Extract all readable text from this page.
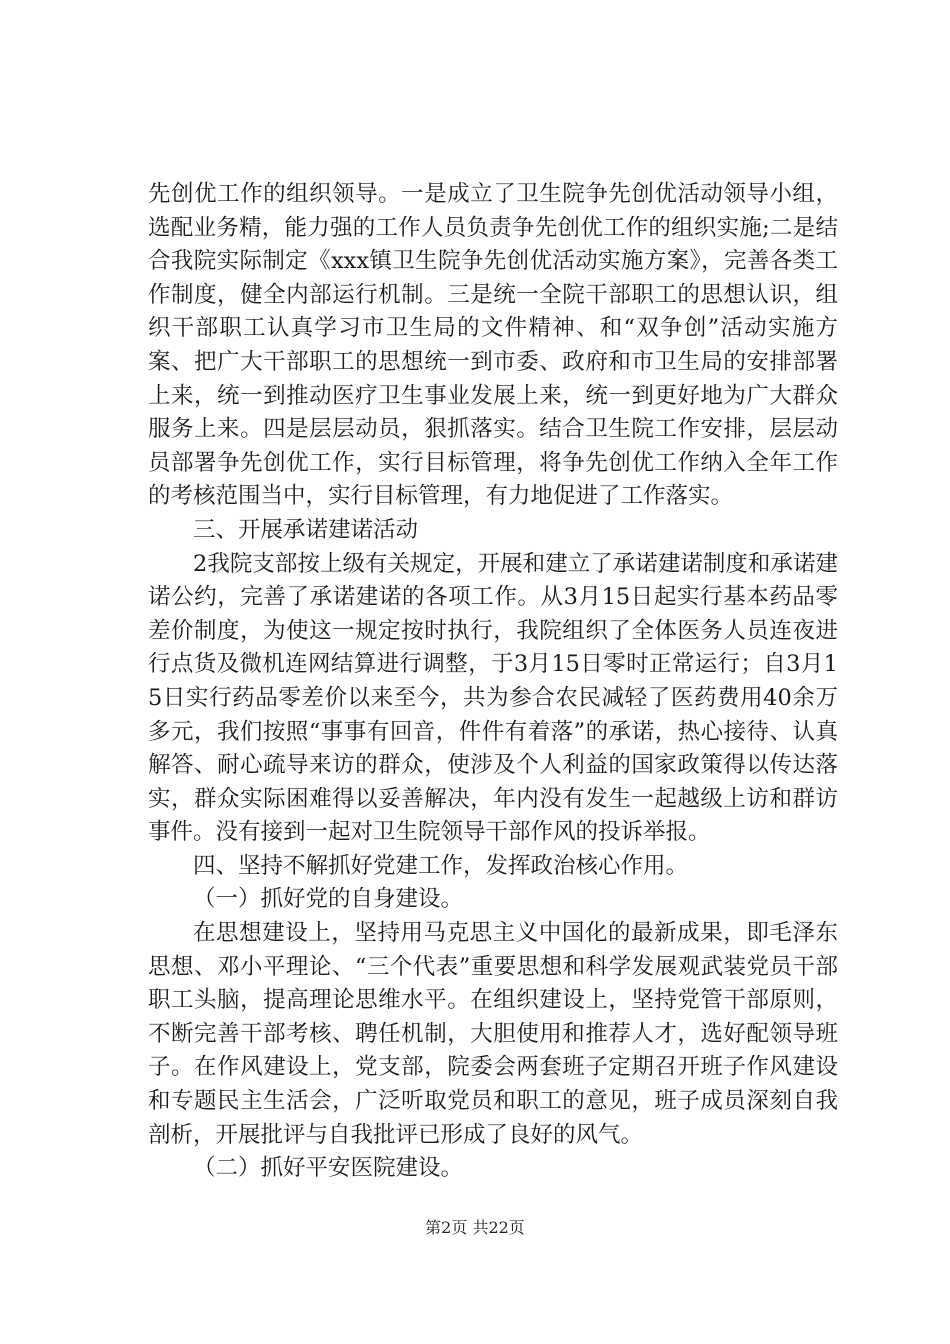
先创优工作的组织领导。一是成立了卫生院争先创优活动领导小组，选配业务精，能力强的工作人员负责争先创优工作的组织实施;二是结合我院实际制定《xxx镇卫生院争先创优活动实施方案》，完善各类工作制度，健全内部运行机制。三是统一全院干部职工的思想认识，组织干部职工认真学习市卫生局的文件精神、和“双争创”活动实施方案、把广大干部职工的思想统一到市委、政府和市卫生局的安排部署上来，统一到推动医疗卫生事业发展上来，统一到更好地为广大群众服务上来。四是层层动员，狠抓落实。结合卫生院工作安排，层层动员部署争先创优工作，实行目标管理，将争先创优工作纳入全年工作的考核范围当中，实行目标管理，有力地促进了工作落实。

三、开展承诺建诺活动

2我院支部按上级有关规定，开展和建立了承诺建诺制度和承诺建诺公约，完善了承诺建诺的各项工作。从3月15日起实行基本药品零差价制度，为使这一规定按时执行，我院组织了全体医务人员连夜进行点货及微机连网结算进行调整，于3月15日零时正常运行；自3月15日实行药品零差价以来至今，共为参合农民减轻了医药费用40余万多元，我们按照“事事有回音，件件有着落”的承诺，热心接待、认真解答、耐心疏导来访的群众，使涉及个人利益的国家政策得以传达落实，群众实际困难得以妥善解决，年内没有发生一起越级上访和群访事件。没有接到一起对卫生院领导干部作风的投诉举报。

四、坚持不解抓好党建工作，发挥政治核心作用。

（一）抓好党的自身建设。

在思想建设上，坚持用马克思主义中国化的最新成果，即毛泽东思想、邓小平理论、“三个代表”重要思想和科学发展观武装党员干部职工头脑，提高理论思维水平。在组织建设上，坚持党管干部原则，不断完善干部考核、聘任机制，大胆使用和推荐人才，选好配领导班子。在作风建设上，党支部，院委会两套班子定期召开班子作风建设和专题民主生活会，广泛听取党员和职工的意见，班子成员深刻自我剖析，开展批评与自我批评已形成了良好的风气。

（二）抓好平安医院建设。

第2页 共22页
